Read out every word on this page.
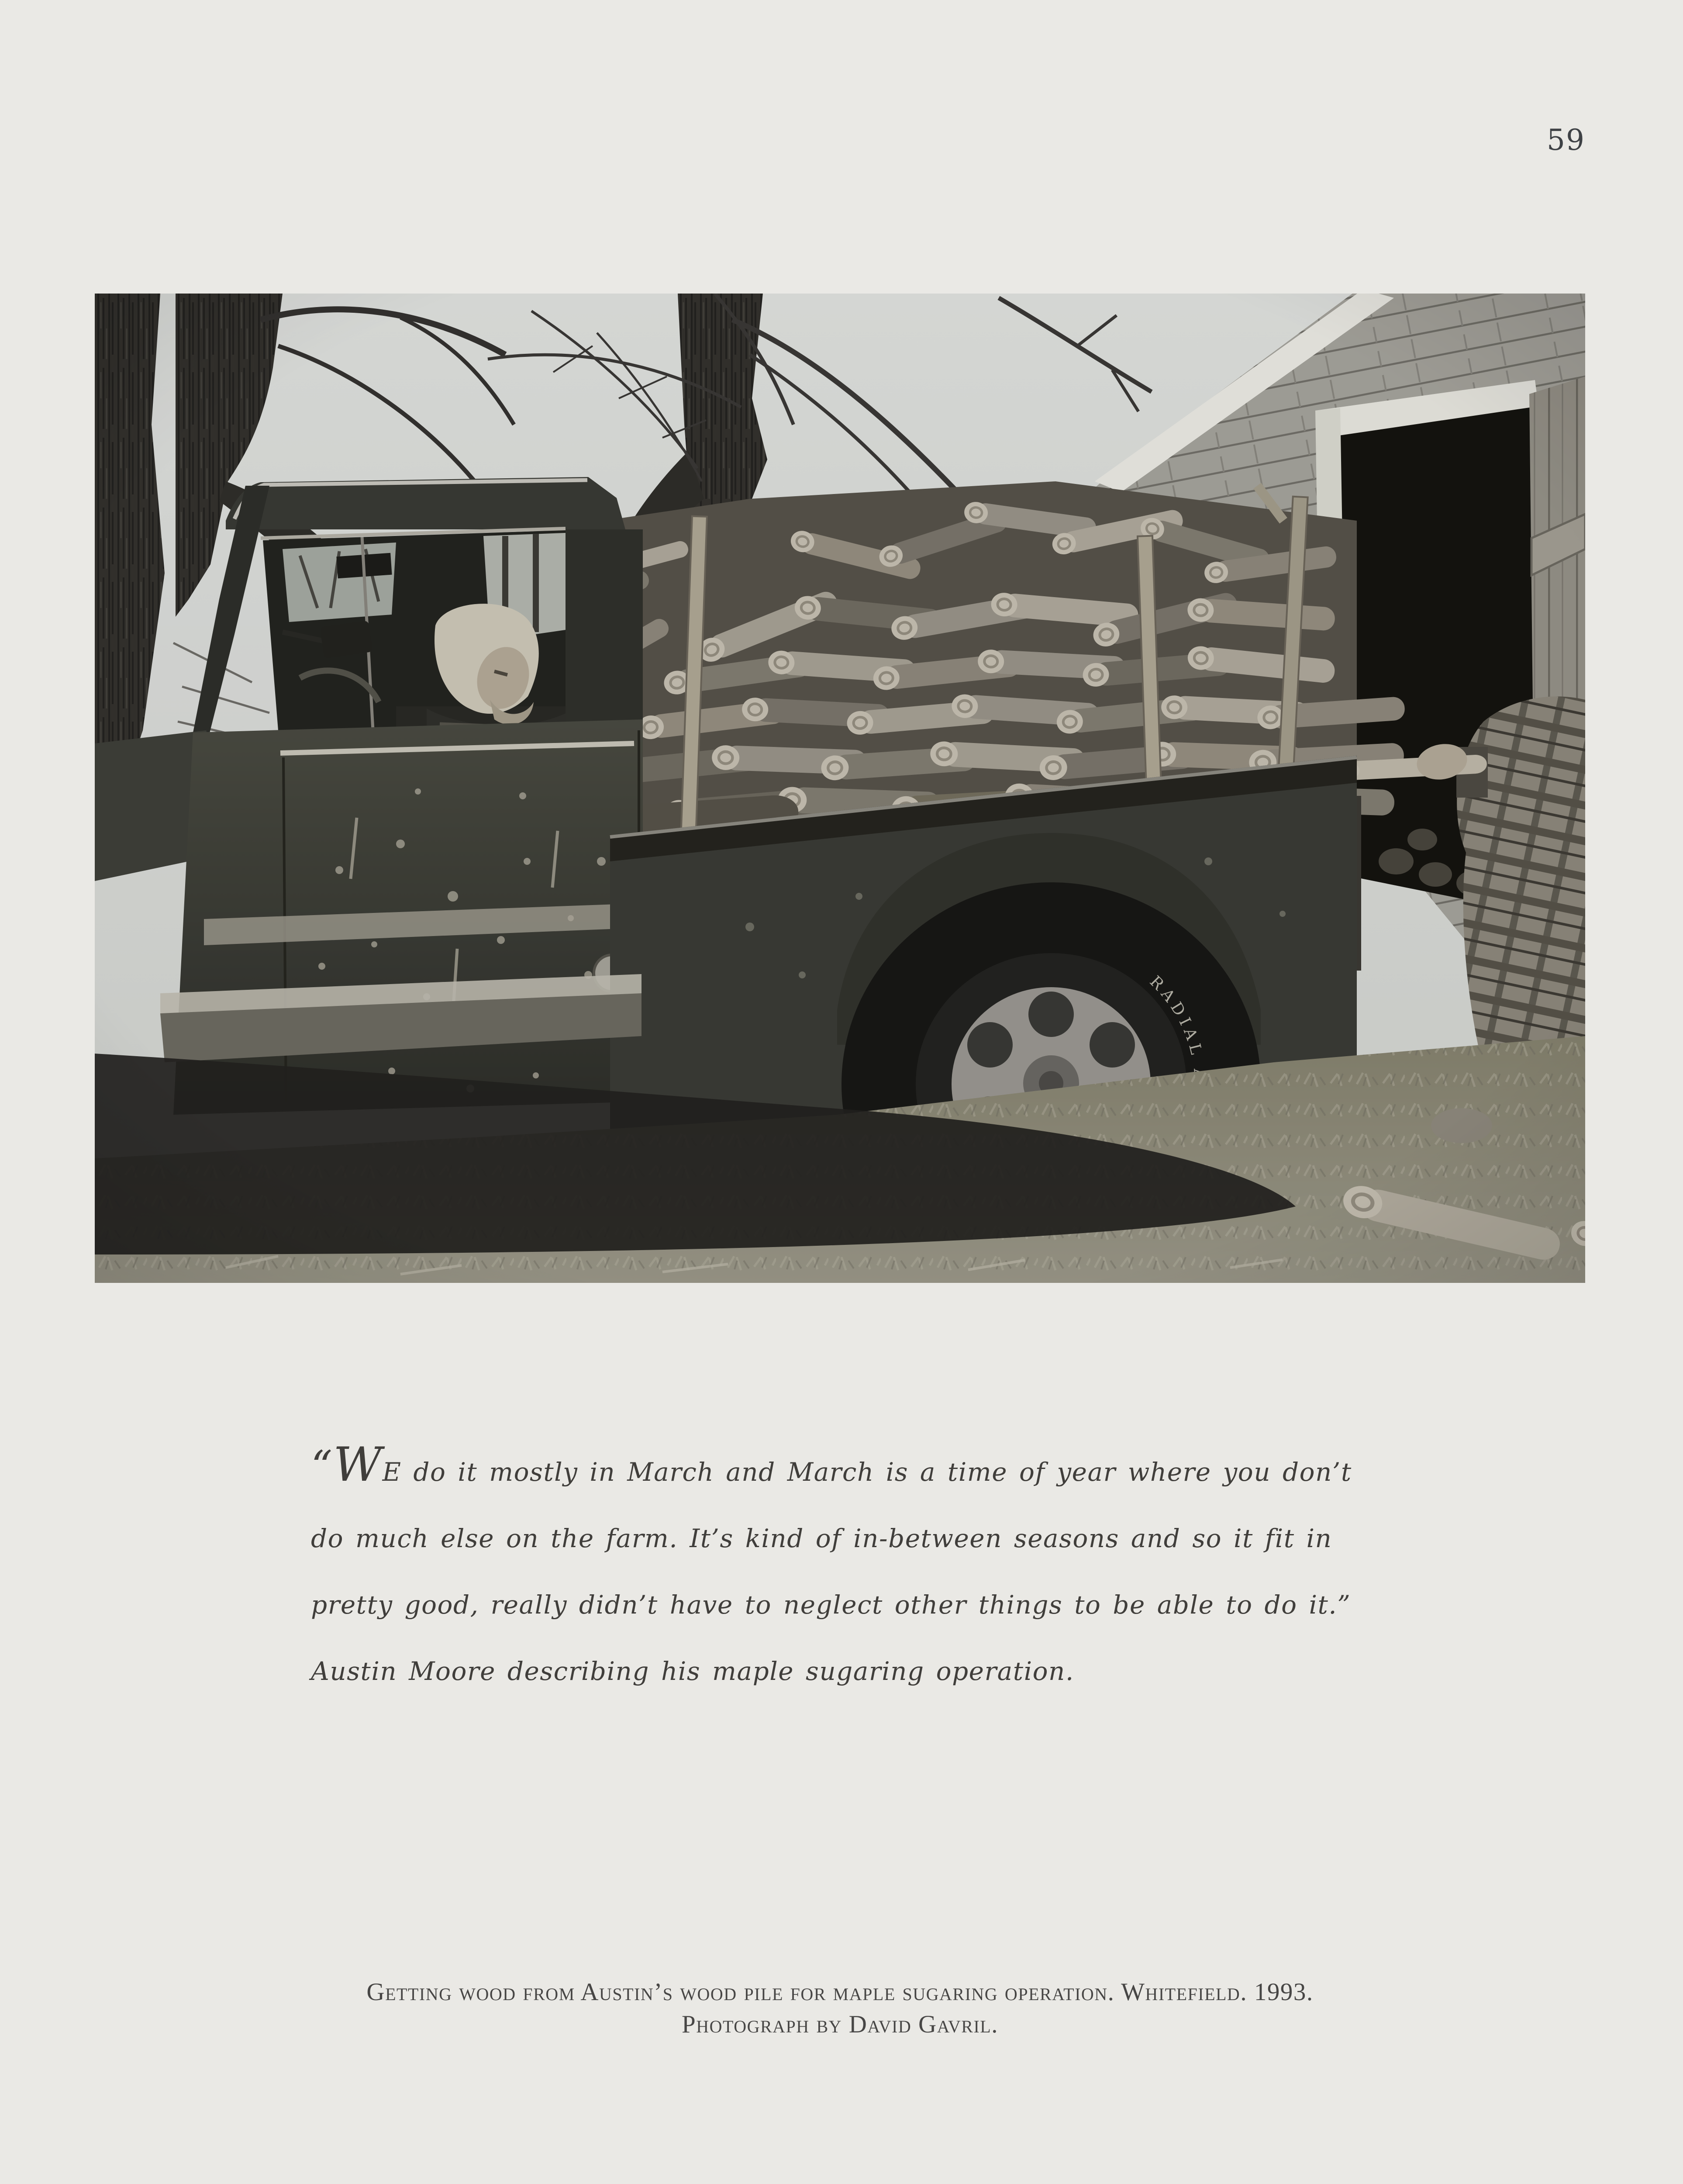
59
“WE do it mostly in March and March is a time of year where you don’t
do much else on the farm. It’s kind of in-between seasons and so it fit in
pretty good, really didn’t have to neglect other things to be able to do it.”
Austin Moore describing his maple sugaring operation.
Getting wood from Austin’s wood pile for maple sugaring operation. Whitefield. 1993.
Photograph by David Gavril.
